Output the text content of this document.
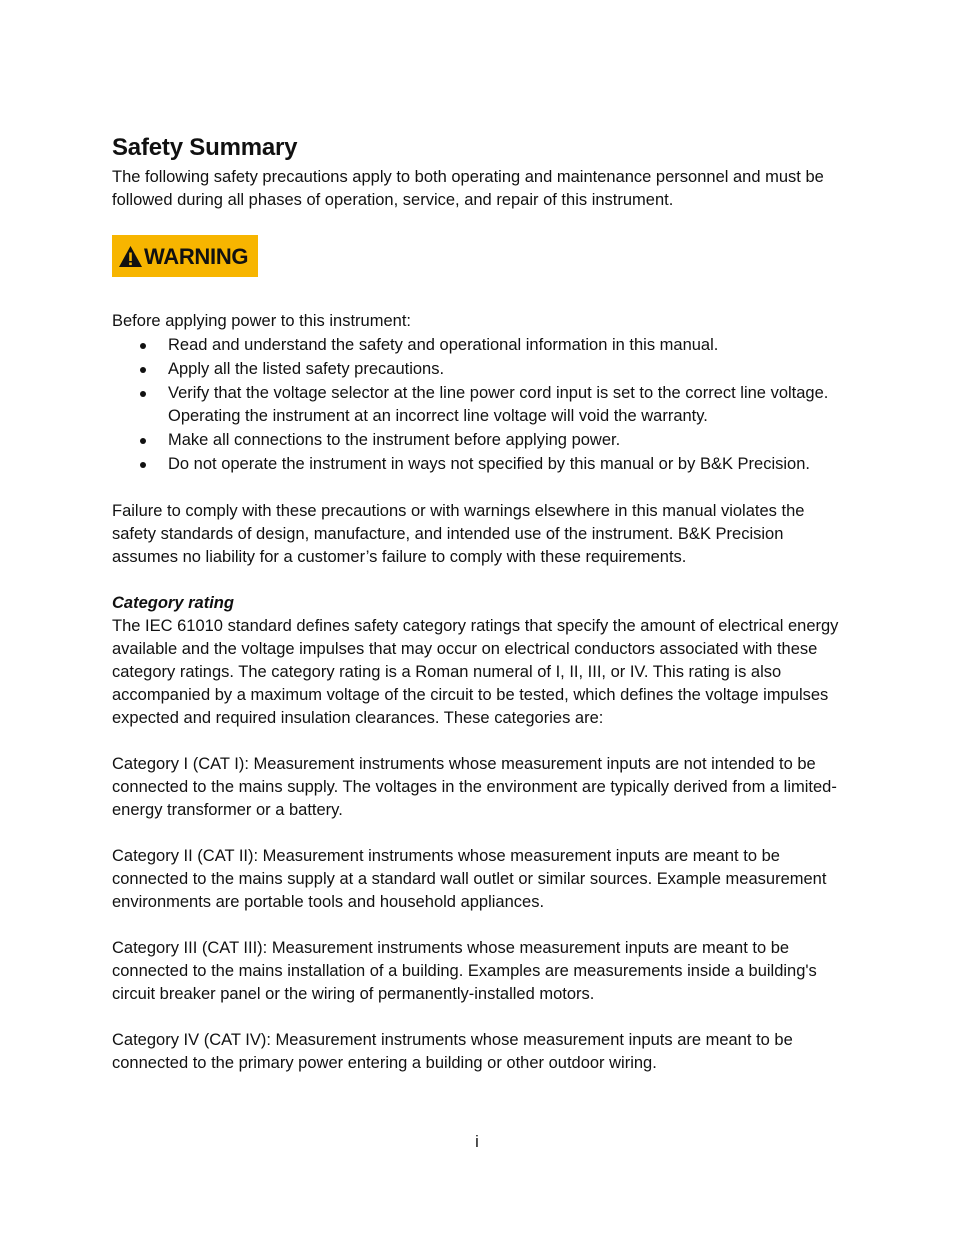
Safety Summary

The following safety precautions apply to both operating and maintenance personnel and must be followed during all phases of operation, service, and repair of this instrument.

WARNING

Before applying power to this instrument:

Read and understand the safety and operational information in this manual.
Apply all the listed safety precautions.
Verify that the voltage selector at the line power cord input is set to the correct line voltage. Operating the instrument at an incorrect line voltage will void the warranty.
Make all connections to the instrument before applying power.
Do not operate the instrument in ways not specified by this manual or by B&K Precision.

Failure to comply with these precautions or with warnings elsewhere in this manual violates the safety standards of design, manufacture, and intended use of the instrument. B&K Precision assumes no liability for a customer’s failure to comply with these requirements.

Category rating

The IEC 61010 standard defines safety category ratings that specify the amount of electrical energy available and the voltage impulses that may occur on electrical conductors associated with these category ratings. The category rating is a Roman numeral of I, II, III, or IV. This rating is also accompanied by a maximum voltage of the circuit to be tested, which defines the voltage impulses expected and required insulation clearances. These categories are:

Category I (CAT I): Measurement instruments whose measurement inputs are not intended to be connected to the mains supply. The voltages in the environment are typically derived from a limited-energy transformer or a battery.

Category II (CAT II): Measurement instruments whose measurement inputs are meant to be connected to the mains supply at a standard wall outlet or similar sources. Example measurement environments are portable tools and household appliances.

Category III (CAT III): Measurement instruments whose measurement inputs are meant to be connected to the mains installation of a building. Examples are measurements inside a building's circuit breaker panel or the wiring of permanently-installed motors.

Category IV (CAT IV): Measurement instruments whose measurement inputs are meant to be connected to the primary power entering a building or other outdoor wiring.

i
